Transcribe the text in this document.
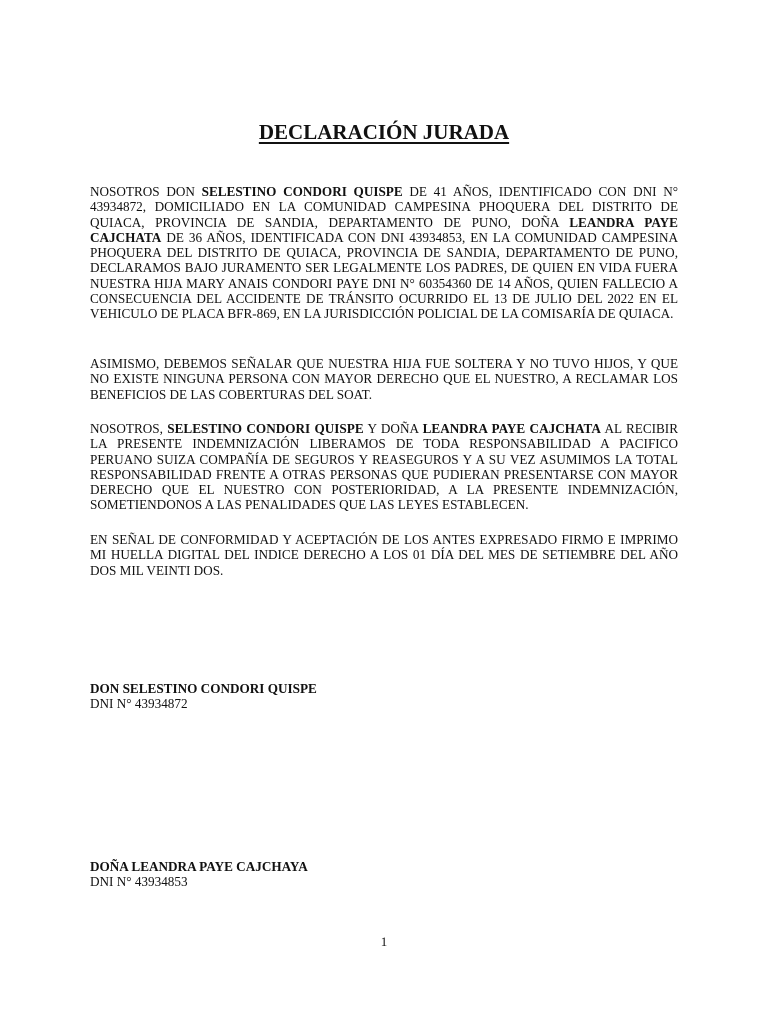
DECLARACIÓN JURADA

NOSOTROS DON SELESTINO CONDORI QUISPE DE 41 AÑOS, IDENTIFICADO CON DNI N° 43934872, DOMICILIADO EN LA COMUNIDAD CAMPESINA PHOQUERA DEL DISTRITO DE QUIACA, PROVINCIA DE SANDIA, DEPARTAMENTO DE PUNO, DOÑA LEANDRA PAYE CAJCHATA DE 36 AÑOS, IDENTIFICADA CON DNI 43934853, EN LA COMUNIDAD CAMPESINA PHOQUERA DEL DISTRITO DE QUIACA, PROVINCIA DE SANDIA, DEPARTAMENTO DE PUNO, DECLARAMOS BAJO JURAMENTO SER LEGALMENTE LOS PADRES, DE QUIEN EN VIDA FUERA NUESTRA HIJA MARY ANAIS CONDORI PAYE DNI N° 60354360 DE 14 AÑOS, QUIEN FALLECIO A CONSECUENCIA DEL ACCIDENTE DE TRÁNSITO OCURRIDO EL 13 DE JULIO DEL 2022 EN EL VEHICULO DE PLACA BFR-869, EN LA JURISDICCIÓN POLICIAL DE LA COMISARÍA DE QUIACA.

ASIMISMO, DEBEMOS SEÑALAR QUE NUESTRA HIJA FUE SOLTERA Y NO TUVO HIJOS, Y QUE NO EXISTE NINGUNA PERSONA CON MAYOR DERECHO QUE EL NUESTRO, A RECLAMAR LOS BENEFICIOS DE LAS COBERTURAS DEL SOAT.

NOSOTROS, SELESTINO CONDORI QUISPE Y DOÑA LEANDRA PAYE CAJCHATA AL RECIBIR LA PRESENTE INDEMNIZACIÓN LIBERAMOS DE TODA RESPONSABILIDAD A PACIFICO PERUANO SUIZA COMPAÑÍA DE SEGUROS Y REASEGUROS Y A SU VEZ ASUMIMOS LA TOTAL RESPONSABILIDAD FRENTE A OTRAS PERSONAS QUE PUDIERAN PRESENTARSE CON MAYOR DERECHO QUE EL NUESTRO CON POSTERIORIDAD, A LA PRESENTE INDEMNIZACIÓN, SOMETIENDONOS A LAS PENALIDADES QUE LAS LEYES ESTABLECEN.

EN SEÑAL DE CONFORMIDAD Y ACEPTACIÓN DE LOS ANTES EXPRESADO FIRMO E IMPRIMO MI HUELLA DIGITAL DEL INDICE DERECHO A LOS 01 DÍA DEL MES DE SETIEMBRE DEL AÑO DOS MIL VEINTI DOS.

DON SELESTINO CONDORI QUISPE
DNI N° 43934872
DOÑA LEANDRA PAYE CAJCHAYA
DNI N° 43934853
1
